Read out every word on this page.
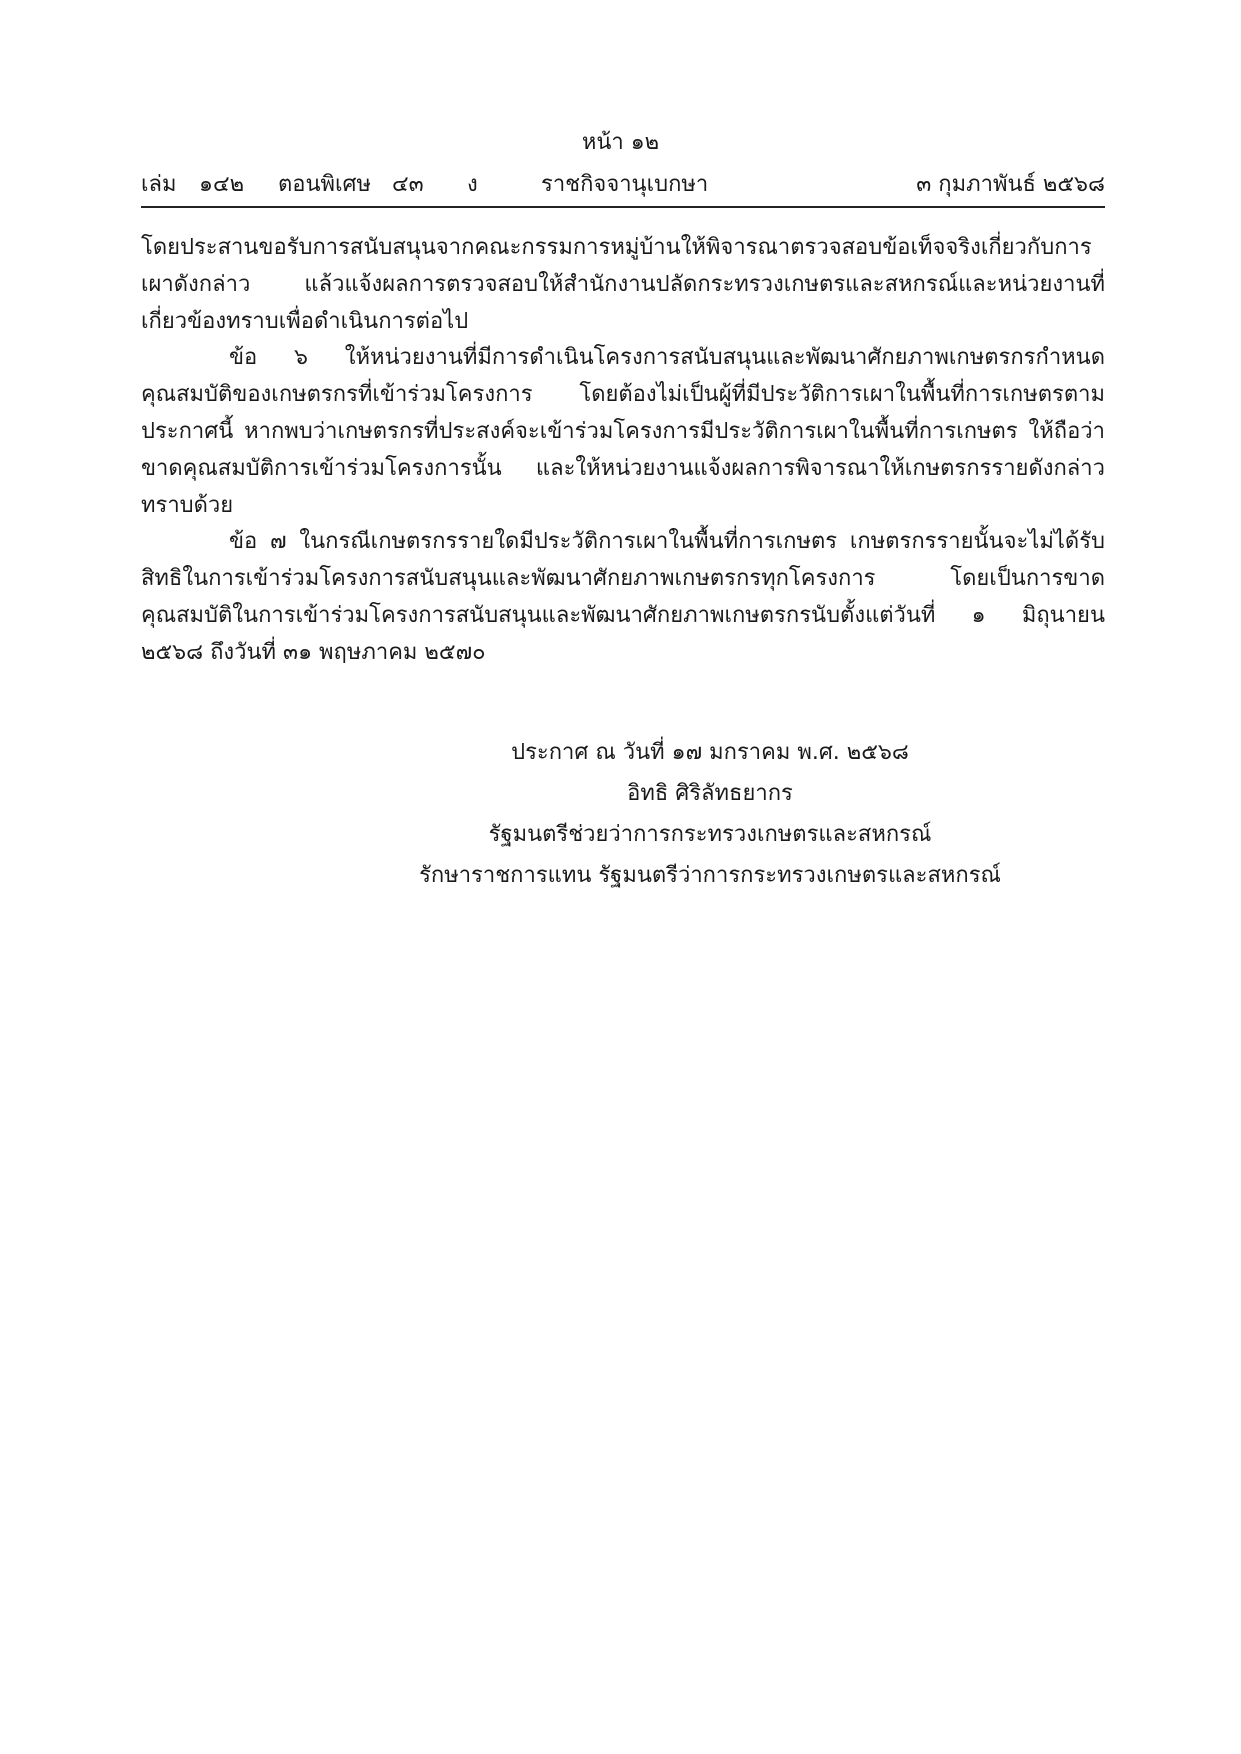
หน้า ๑๒
เล่ม ๑๔๒ ตอนพิเศษ ๔๓ ง	ราชกิจจานุเบกษา	๓ กุมภาพันธ์ ๒๕๖๘

โดยประสานขอรับการสนับสนุนจากคณะกรรมการหมู่บ้านให้พิจารณาตรวจสอบข้อเท็จจริงเกี่ยวกับการเผาดังกล่าว แล้วแจ้งผลการตรวจสอบให้สำนักงานปลัดกระทรวงเกษตรและสหกรณ์และหน่วยงานที่เกี่ยวข้องทราบเพื่อดำเนินการต่อไป

ข้อ ๖ ให้หน่วยงานที่มีการดำเนินโครงการสนับสนุนและพัฒนาศักยภาพเกษตรกรกำหนดคุณสมบัติของเกษตรกรที่เข้าร่วมโครงการ โดยต้องไม่เป็นผู้ที่มีประวัติการเผาในพื้นที่การเกษตรตามประกาศนี้ หากพบว่าเกษตรกรที่ประสงค์จะเข้าร่วมโครงการมีประวัติการเผาในพื้นที่การเกษตร ให้ถือว่าขาดคุณสมบัติการเข้าร่วมโครงการนั้น และให้หน่วยงานแจ้งผลการพิจารณาให้เกษตรกรรายดังกล่าวทราบด้วย

ข้อ ๗ ในกรณีเกษตรกรรายใดมีประวัติการเผาในพื้นที่การเกษตร เกษตรกรรายนั้นจะไม่ได้รับสิทธิในการเข้าร่วมโครงการสนับสนุนและพัฒนาศักยภาพเกษตรกรทุกโครงการ โดยเป็นการขาดคุณสมบัติในการเข้าร่วมโครงการสนับสนุนและพัฒนาศักยภาพเกษตรกรนับตั้งแต่วันที่ ๑ มิถุนายน ๒๕๖๘ ถึงวันที่ ๓๑ พฤษภาคม ๒๕๗๐

ประกาศ ณ วันที่ ๑๗ มกราคม พ.ศ. ๒๕๖๘
อิทธิ ศิริลัทธยากร
รัฐมนตรีช่วยว่าการกระทรวงเกษตรและสหกรณ์
รักษาราชการแทน รัฐมนตรีว่าการกระทรวงเกษตรและสหกรณ์
